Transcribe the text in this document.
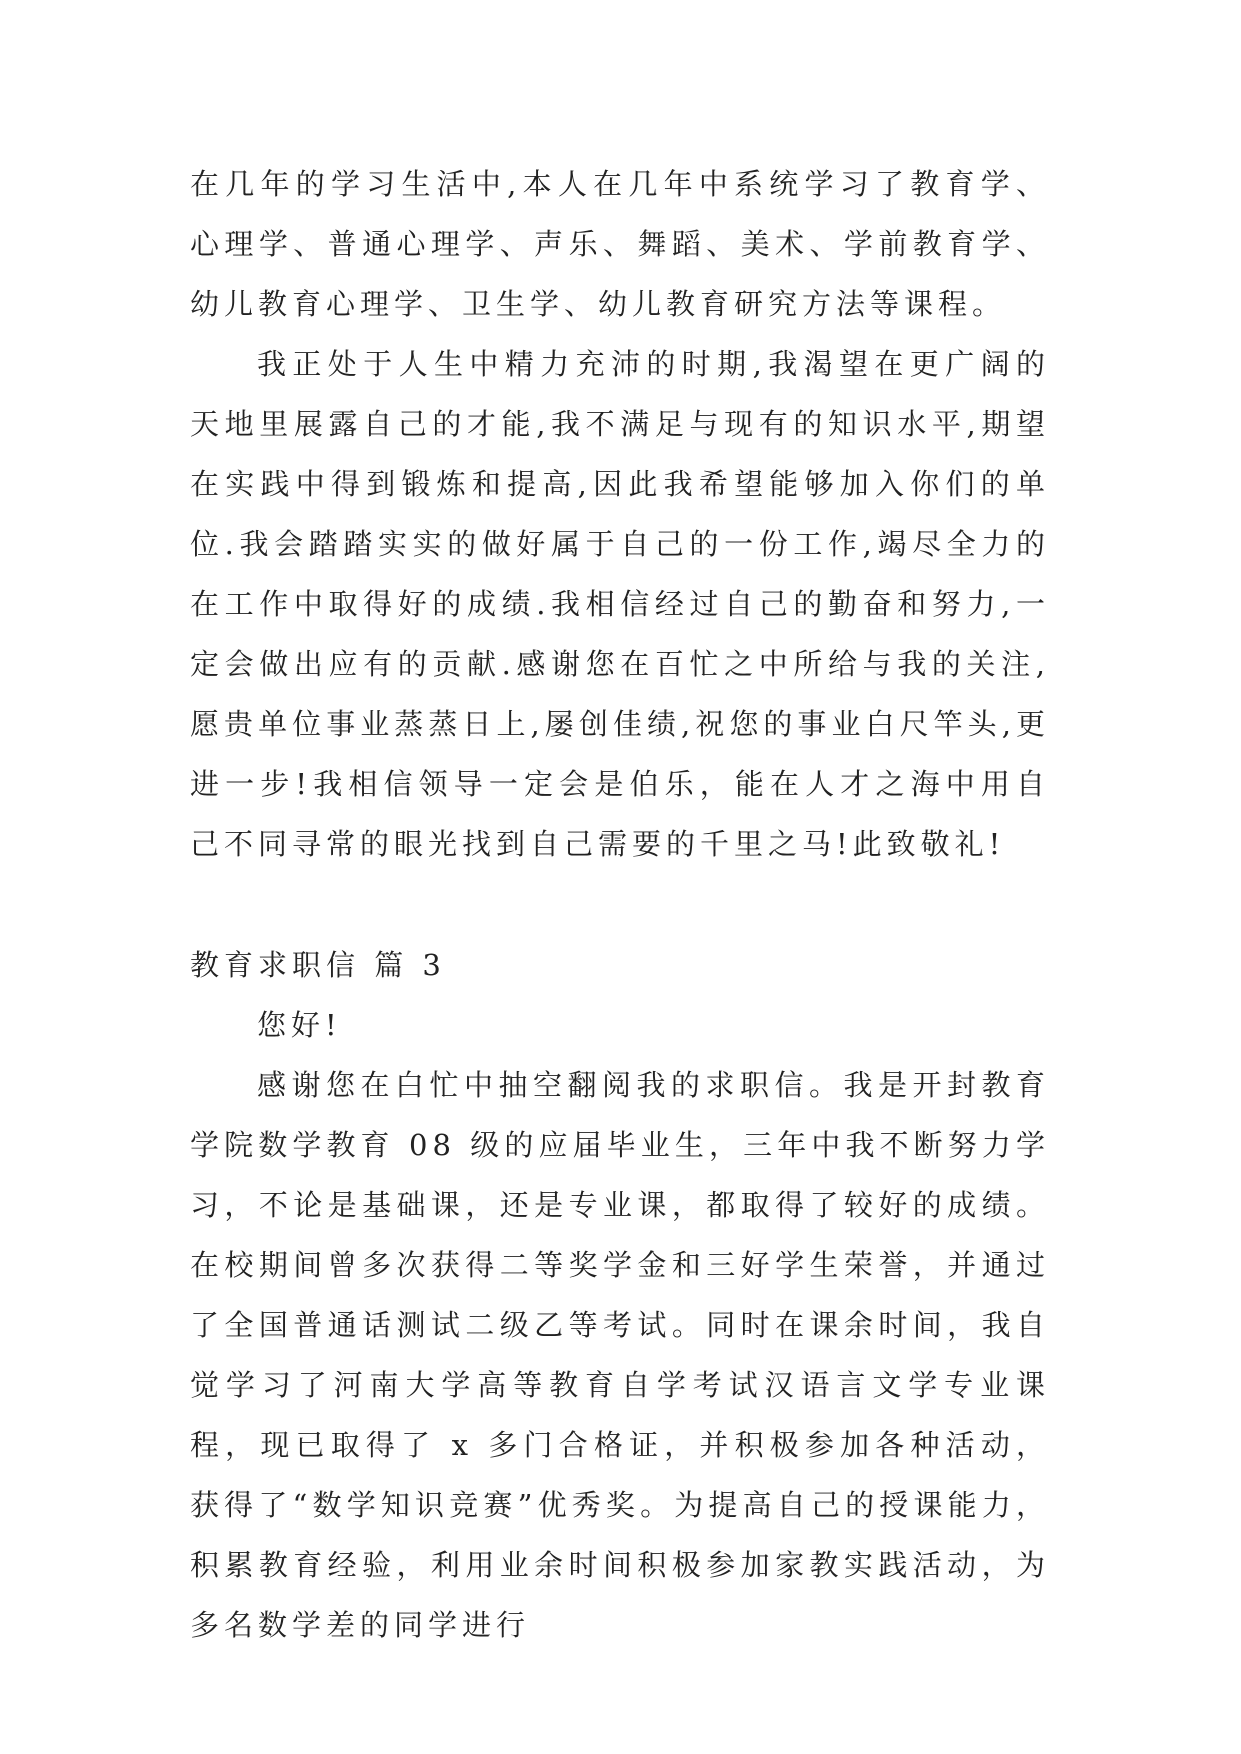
在几年的学习生活中,本人在几年中系统学习了教育学、心理学、普通心理学、声乐、舞蹈、美术、学前教育学、幼儿教育心理学、卫生学、幼儿教育研究方法等课程。

我正处于人生中精力充沛的时期,我渴望在更广阔的天地里展露自己的才能,我不满足与现有的知识水平,期望在实践中得到锻炼和提高,因此我希望能够加入你们的单位.我会踏踏实实的做好属于自己的一份工作,竭尽全力的在工作中取得好的成绩.我相信经过自己的勤奋和努力,一定会做出应有的贡献.感谢您在百忙之中所给与我的关注,愿贵单位事业蒸蒸日上,屡创佳绩,祝您的事业白尺竿头,更进一步!我相信领导一定会是伯乐，能在人才之海中用自己不同寻常的眼光找到自己需要的千里之马!此致敬礼!

教育求职信 篇 3

您好!

感谢您在白忙中抽空翻阅我的求职信。我是开封教育学院数学教育 08 级的应届毕业生，三年中我不断努力学习，不论是基础课，还是专业课，都取得了较好的成绩。在校期间曾多次获得二等奖学金和三好学生荣誉，并通过了全国普通话测试二级乙等考试。同时在课余时间，我自觉学习了河南大学高等教育自学考试汉语言文学专业课程，现已取得了 x 多门合格证，并积极参加各种活动，获得了“数学知识竞赛”优秀奖。为提高自己的授课能力，积累教育经验，利用业余时间积极参加家教实践活动，为多名数学差的同学进行
